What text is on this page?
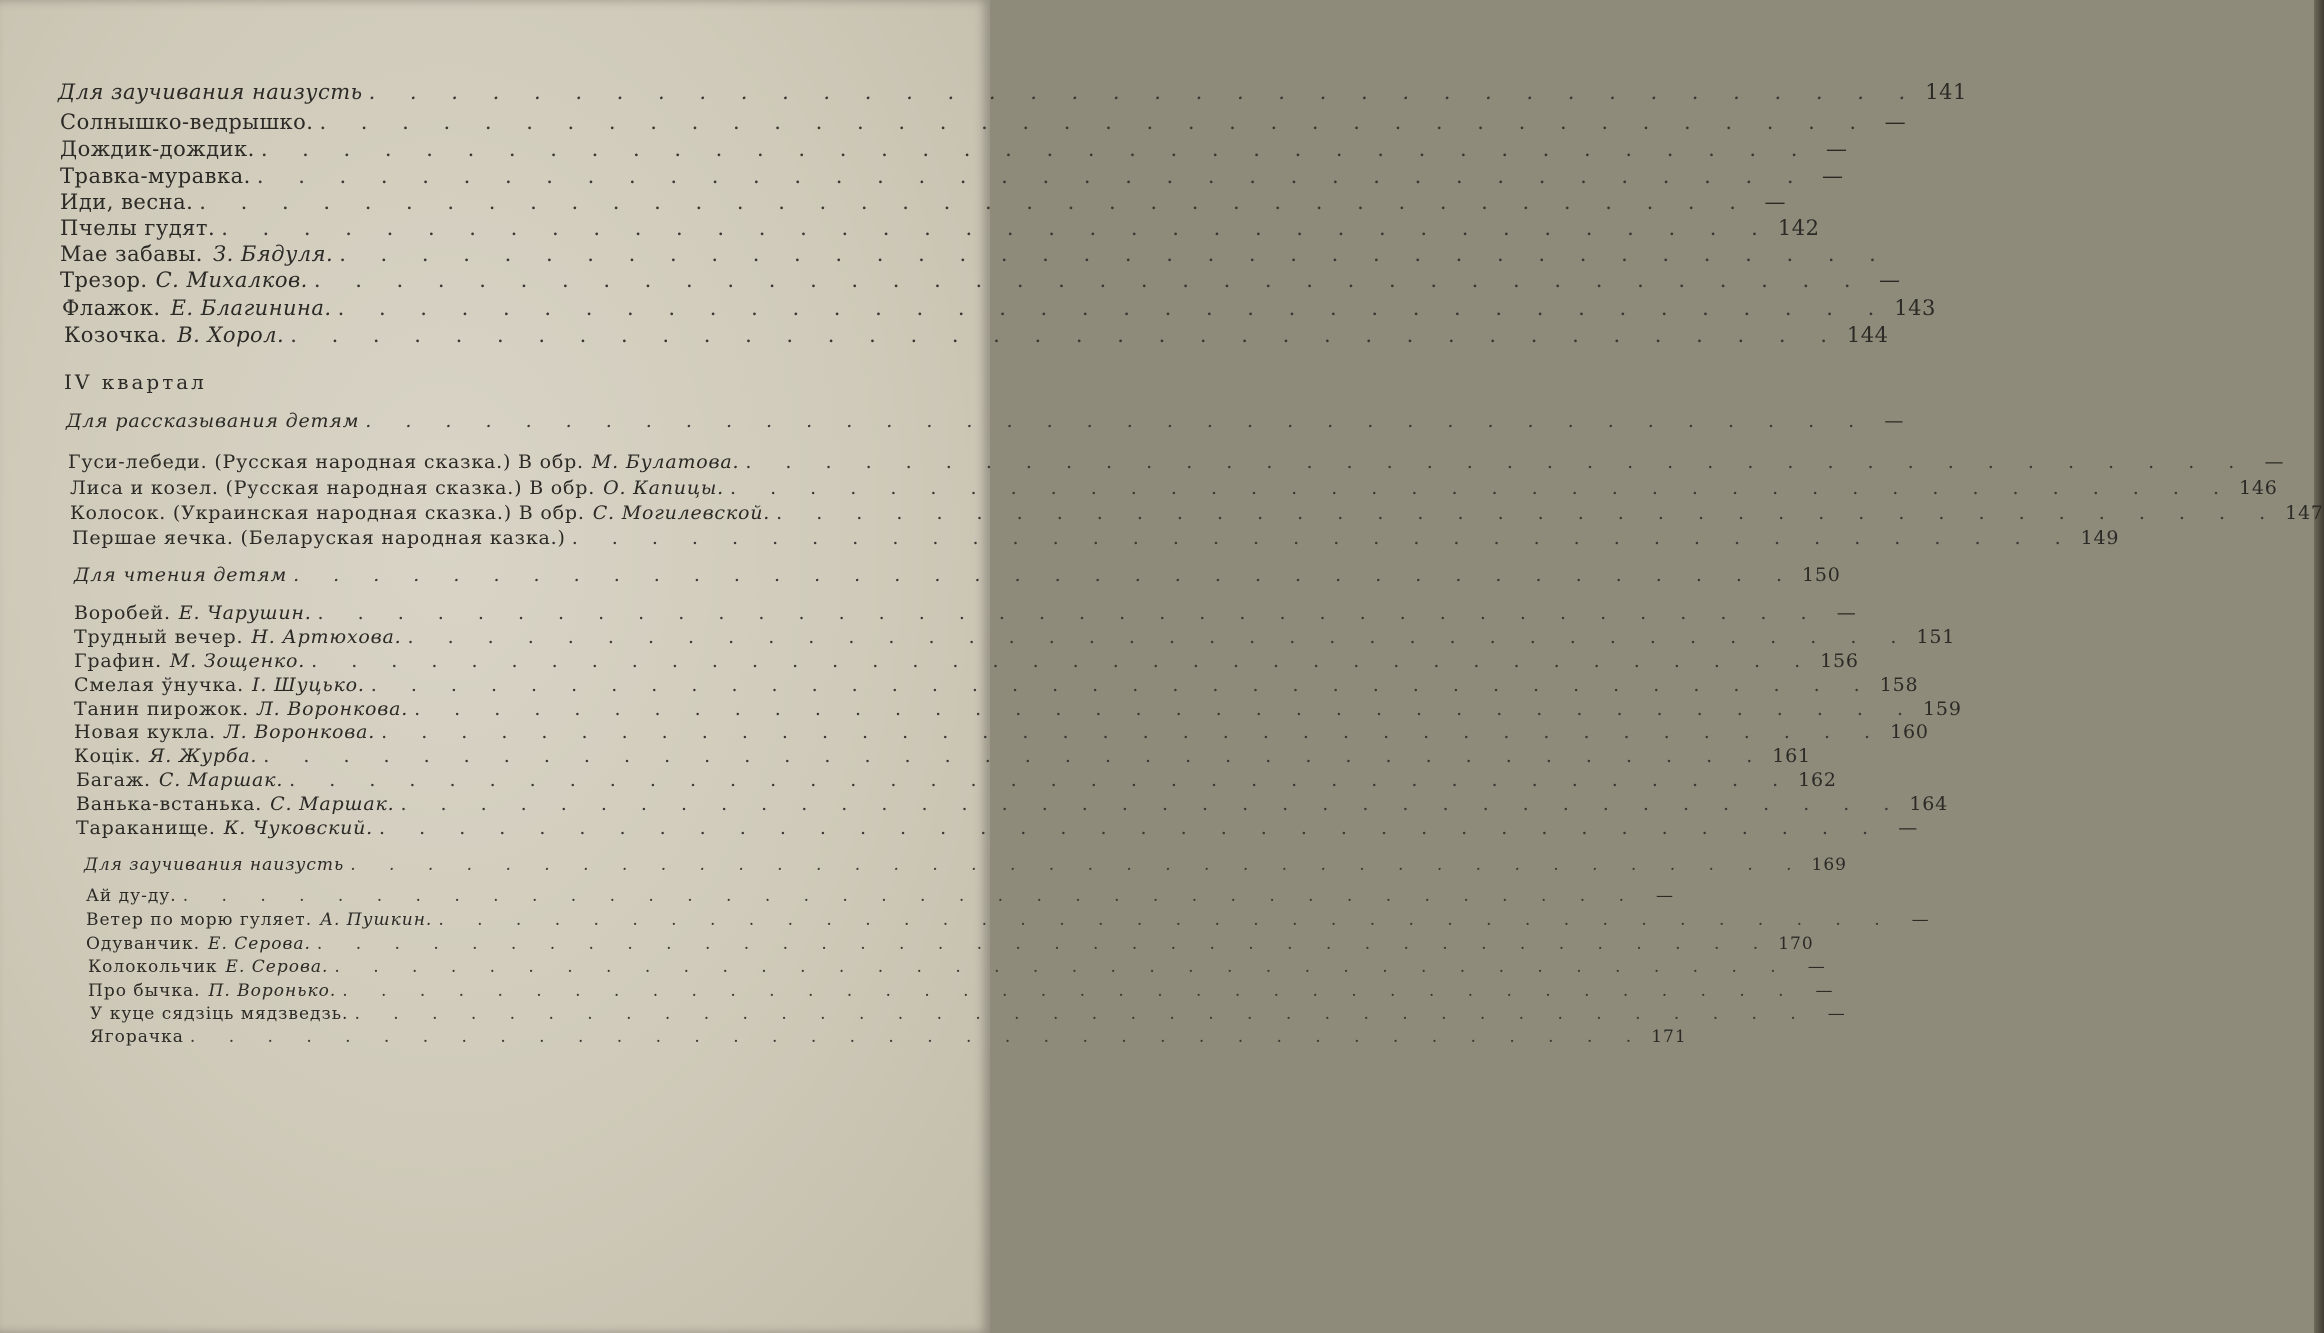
Для заучивания наизусть . . . . . . . . . . . . . . . . . . . . . . . . . . . . . . . . . . . . . . 141
Солнышко-ведрышко. . . . . . . . . . . . . . . . . . . . . . . . . . . . . . . . . . . . . . . —
Дождик-дождик. . . . . . . . . . . . . . . . . . . . . . . . . . . . . . . . . . . . . . . —
Травка-муравка. . . . . . . . . . . . . . . . . . . . . . . . . . . . . . . . . . . . . . . —
Иди, весна. . . . . . . . . . . . . . . . . . . . . . . . . . . . . . . . . . . . . . . —
Пчелы гудят. . . . . . . . . . . . . . . . . . . . . . . . . . . . . . . . . . . . . . . 142
Мае забавы. З. Бядуля. . . . . . . . . . . . . . . . . . . . . . . . . . . . . . . . . . . . . . .
Трезор. С. Михалков. . . . . . . . . . . . . . . . . . . . . . . . . . . . . . . . . . . . . . . —
Флажок. Е. Благинина. . . . . . . . . . . . . . . . . . . . . . . . . . . . . . . . . . . . . . . 143
Козочка. В. Хорол. . . . . . . . . . . . . . . . . . . . . . . . . . . . . . . . . . . . . . . 144
IV квартал
Для рассказывания детям . . . . . . . . . . . . . . . . . . . . . . . . . . . . . . . . . . . . . . —
Гуси-лебеди. (Русская народная сказка.) В обр. М. Булатова. . . . . . . . . . . . . . . . . . . . . . . . . . . . . . . . . . . . . . . —
Лиса и козел. (Русская народная сказка.) В обр. О. Капицы. . . . . . . . . . . . . . . . . . . . . . . . . . . . . . . . . . . . . . . 146
Колосок. (Украинская народная сказка.) В обр. С. Могилевской. . . . . . . . . . . . . . . . . . . . . . . . . . . . . . . . . . . . . . . 147
Першае яечка. (Беларуская народная казка.) . . . . . . . . . . . . . . . . . . . . . . . . . . . . . . . . . . . . . . 149
Для чтения детям . . . . . . . . . . . . . . . . . . . . . . . . . . . . . . . . . . . . . . 150
Воробей. Е. Чарушин. . . . . . . . . . . . . . . . . . . . . . . . . . . . . . . . . . . . . . . —
Трудный вечер. Н. Артюхова. . . . . . . . . . . . . . . . . . . . . . . . . . . . . . . . . . . . . . . 151
Графин. М. Зощенко. . . . . . . . . . . . . . . . . . . . . . . . . . . . . . . . . . . . . . . 156
Смелая ўнучка. І. Шуцько. . . . . . . . . . . . . . . . . . . . . . . . . . . . . . . . . . . . . . . 158
Танин пирожок. Л. Воронкова. . . . . . . . . . . . . . . . . . . . . . . . . . . . . . . . . . . . . . . 159
Новая кукла. Л. Воронкова. . . . . . . . . . . . . . . . . . . . . . . . . . . . . . . . . . . . . . . 160
Коцік. Я. Журба. . . . . . . . . . . . . . . . . . . . . . . . . . . . . . . . . . . . . . . 161
Багаж. С. Маршак. . . . . . . . . . . . . . . . . . . . . . . . . . . . . . . . . . . . . . . 162
Ванька-встанька. С. Маршак. . . . . . . . . . . . . . . . . . . . . . . . . . . . . . . . . . . . . . . 164
Тараканище. К. Чуковский. . . . . . . . . . . . . . . . . . . . . . . . . . . . . . . . . . . . . . . —
Для заучивания наизусть . . . . . . . . . . . . . . . . . . . . . . . . . . . . . . . . . . . . . . 169
Ай ду-ду. . . . . . . . . . . . . . . . . . . . . . . . . . . . . . . . . . . . . . .	—
Ветер по морю гуляет. А. Пушкин. . . . . . . . . . . . . . . . . . . . . . . . . . . . . . . . . . . . . . .	—
Одуванчик. Е. Серова. . . . . . . . . . . . . . . . . . . . . . . . . . . . . . . . . . . . . . . 170
Колокольчик Е. Серова. . . . . . . . . . . . . . . . . . . . . . . . . . . . . . . . . . . . . . .	—
Про бычка. П. Воронько. . . . . . . . . . . . . . . . . . . . . . . . . . . . . . . . . . . . . . .	—
У куце сядзіць мядзведзь. . . . . . . . . . . . . . . . . . . . . . . . . . . . . . . . . . . . . . .	—
Ягорачка . . . . . . . . . . . . . . . . . . . . . . . . . . . . . . . . . . . . . . 171
